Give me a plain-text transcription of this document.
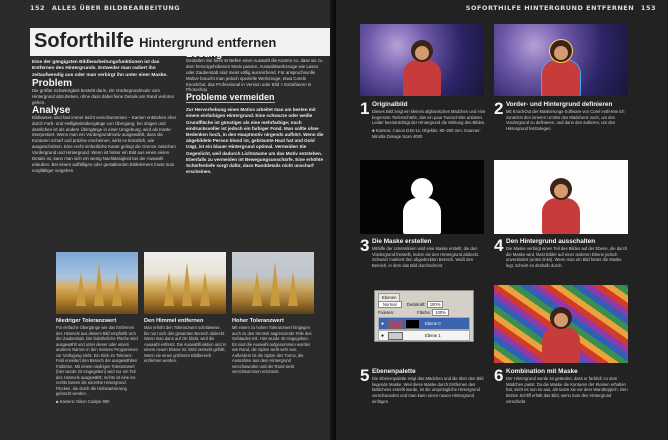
152 ALLES ÜBER BILDBEARBEITUNG
Soforthilfe Hintergrund entfernen

Eine der gängigsten Bildbearbeitungsfunktionen ist das Entfernen des Hintergrunds. Entweder man radiert ihn zeitaufwendig aus oder man verbirgt ihn unter einer Maske.

Problem

Die größte Schwierigkeit besteht darin, ein Vordergrundmotiv vom Hintergrund abzuheben, ohne dass dabei feine Details am Rand verloren gehen.

Analyse

Bildkanten sind fast immer leicht verschwommen – Kanten entstehen eher durch Farb- und Helligkeitsübergänge von Übergang; bei obigen und deutlichen ist als andere Übergänge in einer Umgebung, wird als Kante interpretiert. Wenn man ein Vordergrundmotiv ausgewählt, dass die Konturen scharf und präzise erscheinen, wirkt es künstlich, wie ausgeschnitten. Eine recht einheitliche Kante gelingt die Grenze zwischen Vordergrund und Hintergrund. Wenn ist hinter ein Bild aus einen vielen Details ist, kann man sich ein wenig Nachlässigkeit bei der Auswahl erlauben. Bei einem auffälligen oder gestaltenden Bildelement muss man sorgfältiger vorgehen.

Lösung

Gestalten Sie beim Erstellen einer Auswahl die Kanten so, dass sie zu dem hervorgehobenen Motiv passen. Auswahlwerkzeuge wie Lasso oder Zauberstab sind meist völlig ausreichend. Für anspruchsvolle Motive braucht man jedoch spezielle Werkzeuge, etwa Corels KnockOut, das Professional in Version oder Bild > Extrahieren in Photoshop.

Probleme vermeiden

Zur Hervorhebung eines Motivs arbeitet man am besten mit einem einfarbigen Hintergrund. Eine schwarze oder weiße Grundfläche ist günstiger als eine mehrfarbige; noch eindrucksvoller ist jedoch ein farbiger Fond. Man sollte ohne Bedenken hoch, in den Hauptmotiv nirgends aufhört. Wenn die abgebildete Person blond ist, gebräunte Haut hat und Gold trägt, ist ein blauer Hintergrund optimal. Vermeiden Sie Gegenlicht, weil dadurch Lichtsäume um das Motiv entstehen. Ebenfalls zu vermeiden ist Bewegungsunschärfe. Eine erhöhte Schärfentiefe sorgt dafür, dass Randdetails nicht unscharf erscheinen.

Niedriger Toleranzwert
Für einfache Übergänge wie das Entfernen des Himmels aus diesem Bild empfiehlt sich der Zauberstab. Die farbähnliche Fläche wird ausgewählt und unter dieser oder einem anderen Namen in den meisten Programmen zur Verfügung steht. Ein Klick im Toleranz-Feld erweitert den Bereich der ausgewählten Farbtöne. Mit einem niedrigen Toleranzwert (hier wurde 22 eingegeben) wird nur ein Teil des Himmels ausgewählt; rechts ist eine ins rechts lassen die einzelne Hintergrund Flecken, die durch die Hiobinarisierung gelöscht werden.
■ Kamera: Nikon Coolpix 990
Den Himmel entfernen
Man erhöht den Toleranzwert schrittweise, bis nur noch den gesamten Bereich abdeckt. Wenn man dann auf OK klickt, wird die Auswahl entfernt. Die Auswahlfunktion und in einem neuen Ebene ist. Wird versteht gefüllt; Wenn sie einen größeren Bildbereich entfernen werden.
Hoher Toleranzwert
Mit einem zu hohen Toleranzwert hingegen auch zu den Himmel angrenzende Teile des Gebäudes mit. Hier wurde 40 eingegeben. Es sind die Auswahl aufgenommen worden wie Rand, die Spitze sieht sehr aus. Außerdem ist die Spitze des Turms, die Ausnahme aus dem Hintergrund verschwunden und der Rand sieht verschwommen erscheint.
SOFORTHILFE HINTERGRUND ENTFERNEN 153
1 Originalbild
Dieses Bild zeigt ein kleines afghanisches Mädchen und eine begrenzte Tiefenschärfe, das ein paar Tanzschritte anbietet. Leider beeinträchtigt der Hintergrund die Wirkung des Bildes.
■ Kamera: Canon D15-1s; Objektiv: 80–200 mm; Scanner: Minolta Dimage Scan 4000
2 Vorder- und Hintergrund definieren
Mit KnockOut der Maskierungs-Software von Corel entfernte ich zunächst den inneren Umriss des Mädchens nach, um den Vordergrund zu definieren, und dann den äußeren, um den Hintergrund festzulegen.
3 Die Maske erstellen
Mithilfe der Umrisslinien wird eine Maske erstellt, die den Vordergrund freistellt, indem sie den Hintergrund abdeckt. Schwarz markiert den abgedeckten Bereich, Weiß den Bereich, in dem das Bild durchscheint.
4 Den Hintergrund ausschalten
Die Maske verbirgt einen Teil des Bildes auf der Ebene, die durch die Maske wird, lässt Bilder auf einer anderen Ebene jedoch unverändert (unten links). Wenn man ein Bild hinter die Maske legt, scheint es deshalb durch.
Ebenen
Normal Deckkraft: 100%
Fixieren:	Fläche: 100%
●	Ebene 0
●	Ebene 1
5 Ebenenpalette
Die Ebenenpalette zeigt das Mädchen und die über den Bild liegende Maske. Weil diese Maske durch Entfernen des Mädchens erstellt wurde, ist die ursprüngliche Hintergrund verschwunden und man kann einen neuen Hintergrund einfügen.
6 Kombination mit Maske
Der Hintergrund wurde so geändert, dass er farblich zu dem Mädchen passt. Da die Maske die Konturen der Kleinen erhalten hat, sieht es nun so aus, als tanze sie vor dem Wandteppich. Den letzten Schliff erhält das Bild, wenn man den Hintergrund verschiebt.
